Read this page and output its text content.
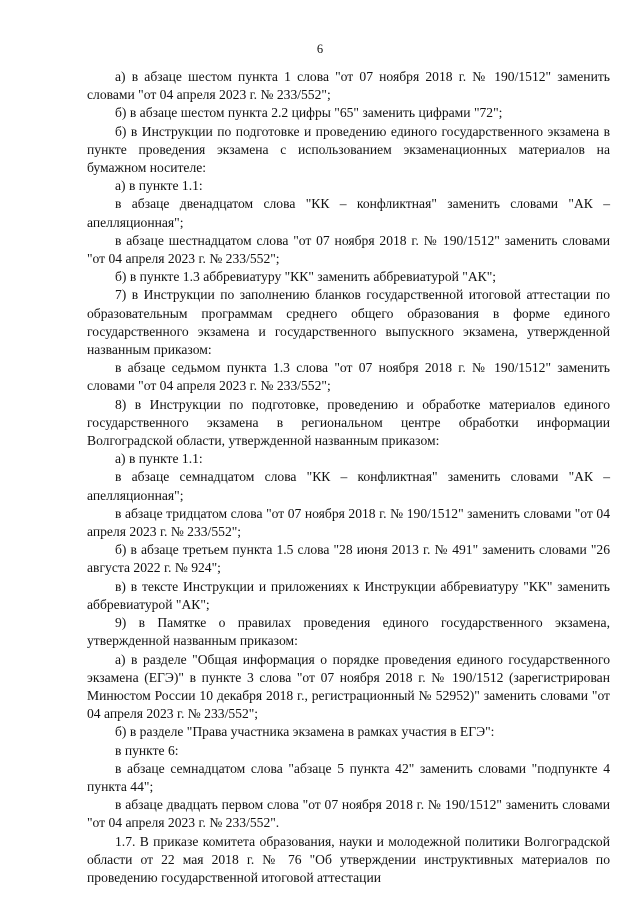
6

а) в абзаце шестом пункта 1 слова "от 07 ноября 2018 г. № 190/1512" заменить словами "от 04 апреля 2023 г. № 233/552";

б) в абзаце шестом пункта 2.2 цифры "65" заменить цифрами "72";

б) в Инструкции по подготовке и проведению единого государственного экзамена в пункте проведения экзамена с использованием экзаменационных материалов на бумажном носителе:

а) в пункте 1.1:

в абзаце двенадцатом слова "КК – конфликтная" заменить словами "АК – апелляционная";

в абзаце шестнадцатом слова "от 07 ноября 2018 г. № 190/1512" заменить словами "от 04 апреля 2023 г. № 233/552";

б) в пункте 1.3 аббревиатуру "КК" заменить аббревиатурой "АК";

7) в Инструкции по заполнению бланков государственной итоговой аттестации по образовательным программам среднего общего образования в форме единого государственного экзамена и государственного выпускного экзамена, утвержденной названным приказом:

в абзаце седьмом пункта 1.3 слова "от 07 ноября 2018 г. № 190/1512" заменить словами "от 04 апреля 2023 г. № 233/552";

8) в Инструкции по подготовке, проведению и обработке материалов единого государственного экзамена в региональном центре обработки информации Волгоградской области, утвержденной названным приказом:

а) в пункте 1.1:

в абзаце семнадцатом слова "КК – конфликтная" заменить словами "АК – апелляционная";

в абзаце тридцатом слова "от 07 ноября 2018 г. № 190/1512" заменить словами "от 04 апреля 2023 г. № 233/552";

б) в абзаце третьем пункта 1.5 слова "28 июня 2013 г. № 491" заменить словами "26 августа 2022 г. № 924";

в) в тексте Инструкции и приложениях к Инструкции аббревиатуру "КК" заменить аббревиатурой "АК";

9) в Памятке о правилах проведения единого государственного экзамена, утвержденной названным приказом:

а) в разделе "Общая информация о порядке проведения единого государственного экзамена (ЕГЭ)" в пункте 3 слова "от 07 ноября 2018 г. № 190/1512 (зарегистрирован Минюстом России 10 декабря 2018 г., регистрационный № 52952)" заменить словами "от 04 апреля 2023 г. № 233/552";

б) в разделе "Права участника экзамена в рамках участия в ЕГЭ":

в пункте 6:

в абзаце семнадцатом слова "абзаце 5 пункта 42" заменить словами "подпункте 4 пункта 44";

в абзаце двадцать первом слова "от 07 ноября 2018 г. № 190/1512" заменить словами "от 04 апреля 2023 г. № 233/552".

1.7. В приказе комитета образования, науки и молодежной политики Волгоградской области от 22 мая 2018 г. № 76 "Об утверждении инструктивных материалов по проведению государственной итоговой аттестации
